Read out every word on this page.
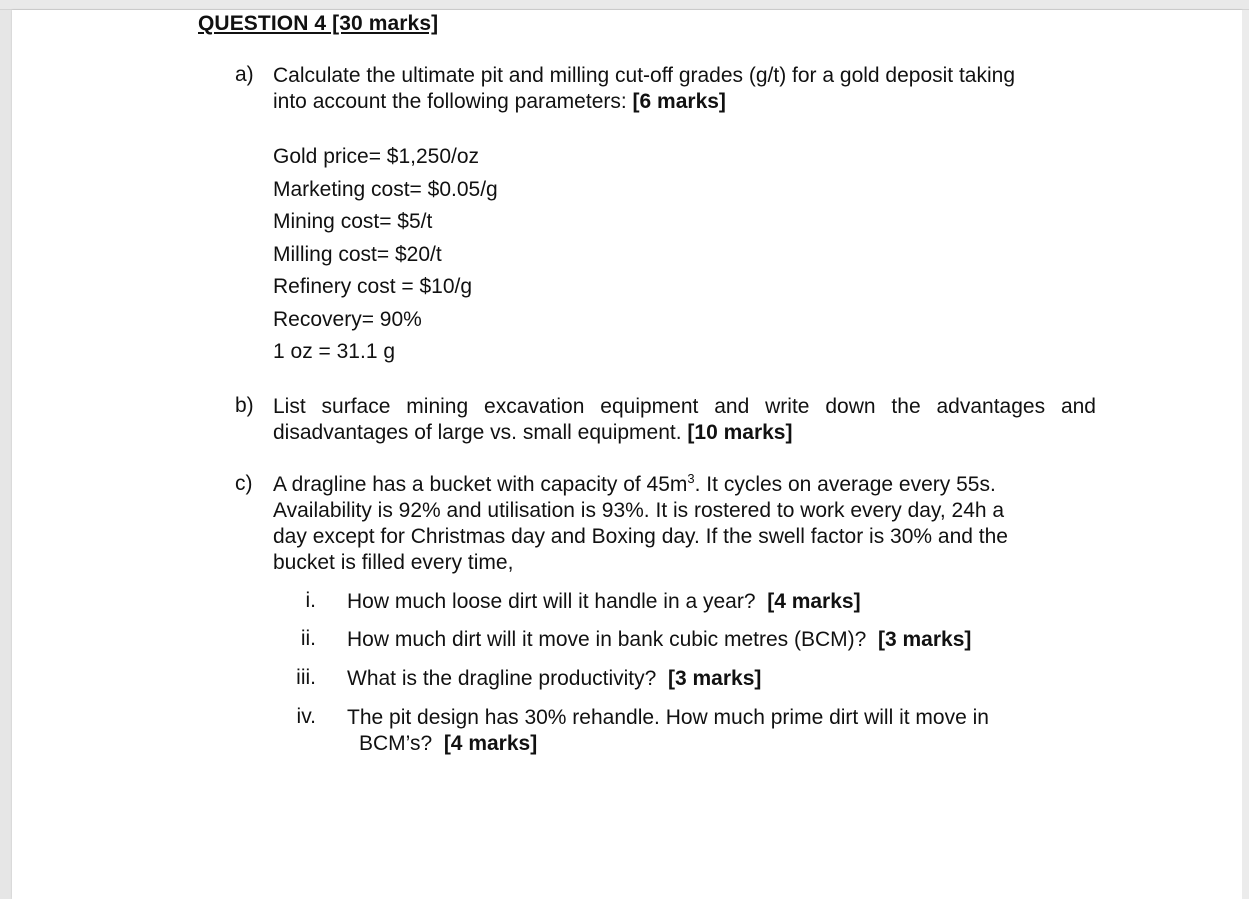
QUESTION 4 [30 marks]
a) Calculate the ultimate pit and milling cut-off grades (g/t) for a gold deposit taking
into account the following parameters: [6 marks]
Gold price= $1,250/oz
Marketing cost= $0.05/g
Mining cost= $5/t
Milling cost= $20/t
Refinery cost = $10/g
Recovery= 90%
1 oz = 31.1 g
b) List surface mining excavation equipment and write down the advantages and
disadvantages of large vs. small equipment. [10 marks]
c) A dragline has a bucket with capacity of $45m^3$. It cycles on average every 55s.
Availability is 92% and utilisation is 93%. It is rostered to work every day, 24h a
day except for Christmas day and Boxing day. If the swell factor is 30% and the
bucket is filled every time,
i. How much loose dirt will it handle in a year? [4 marks]
ii. How much dirt will it move in bank cubic metres (BCM)? [3 marks]
iii. What is the dragline productivity? [3 marks]
iv. The pit design has 30% rehandle. How much prime dirt will it move in
BCM’s? [4 marks]
